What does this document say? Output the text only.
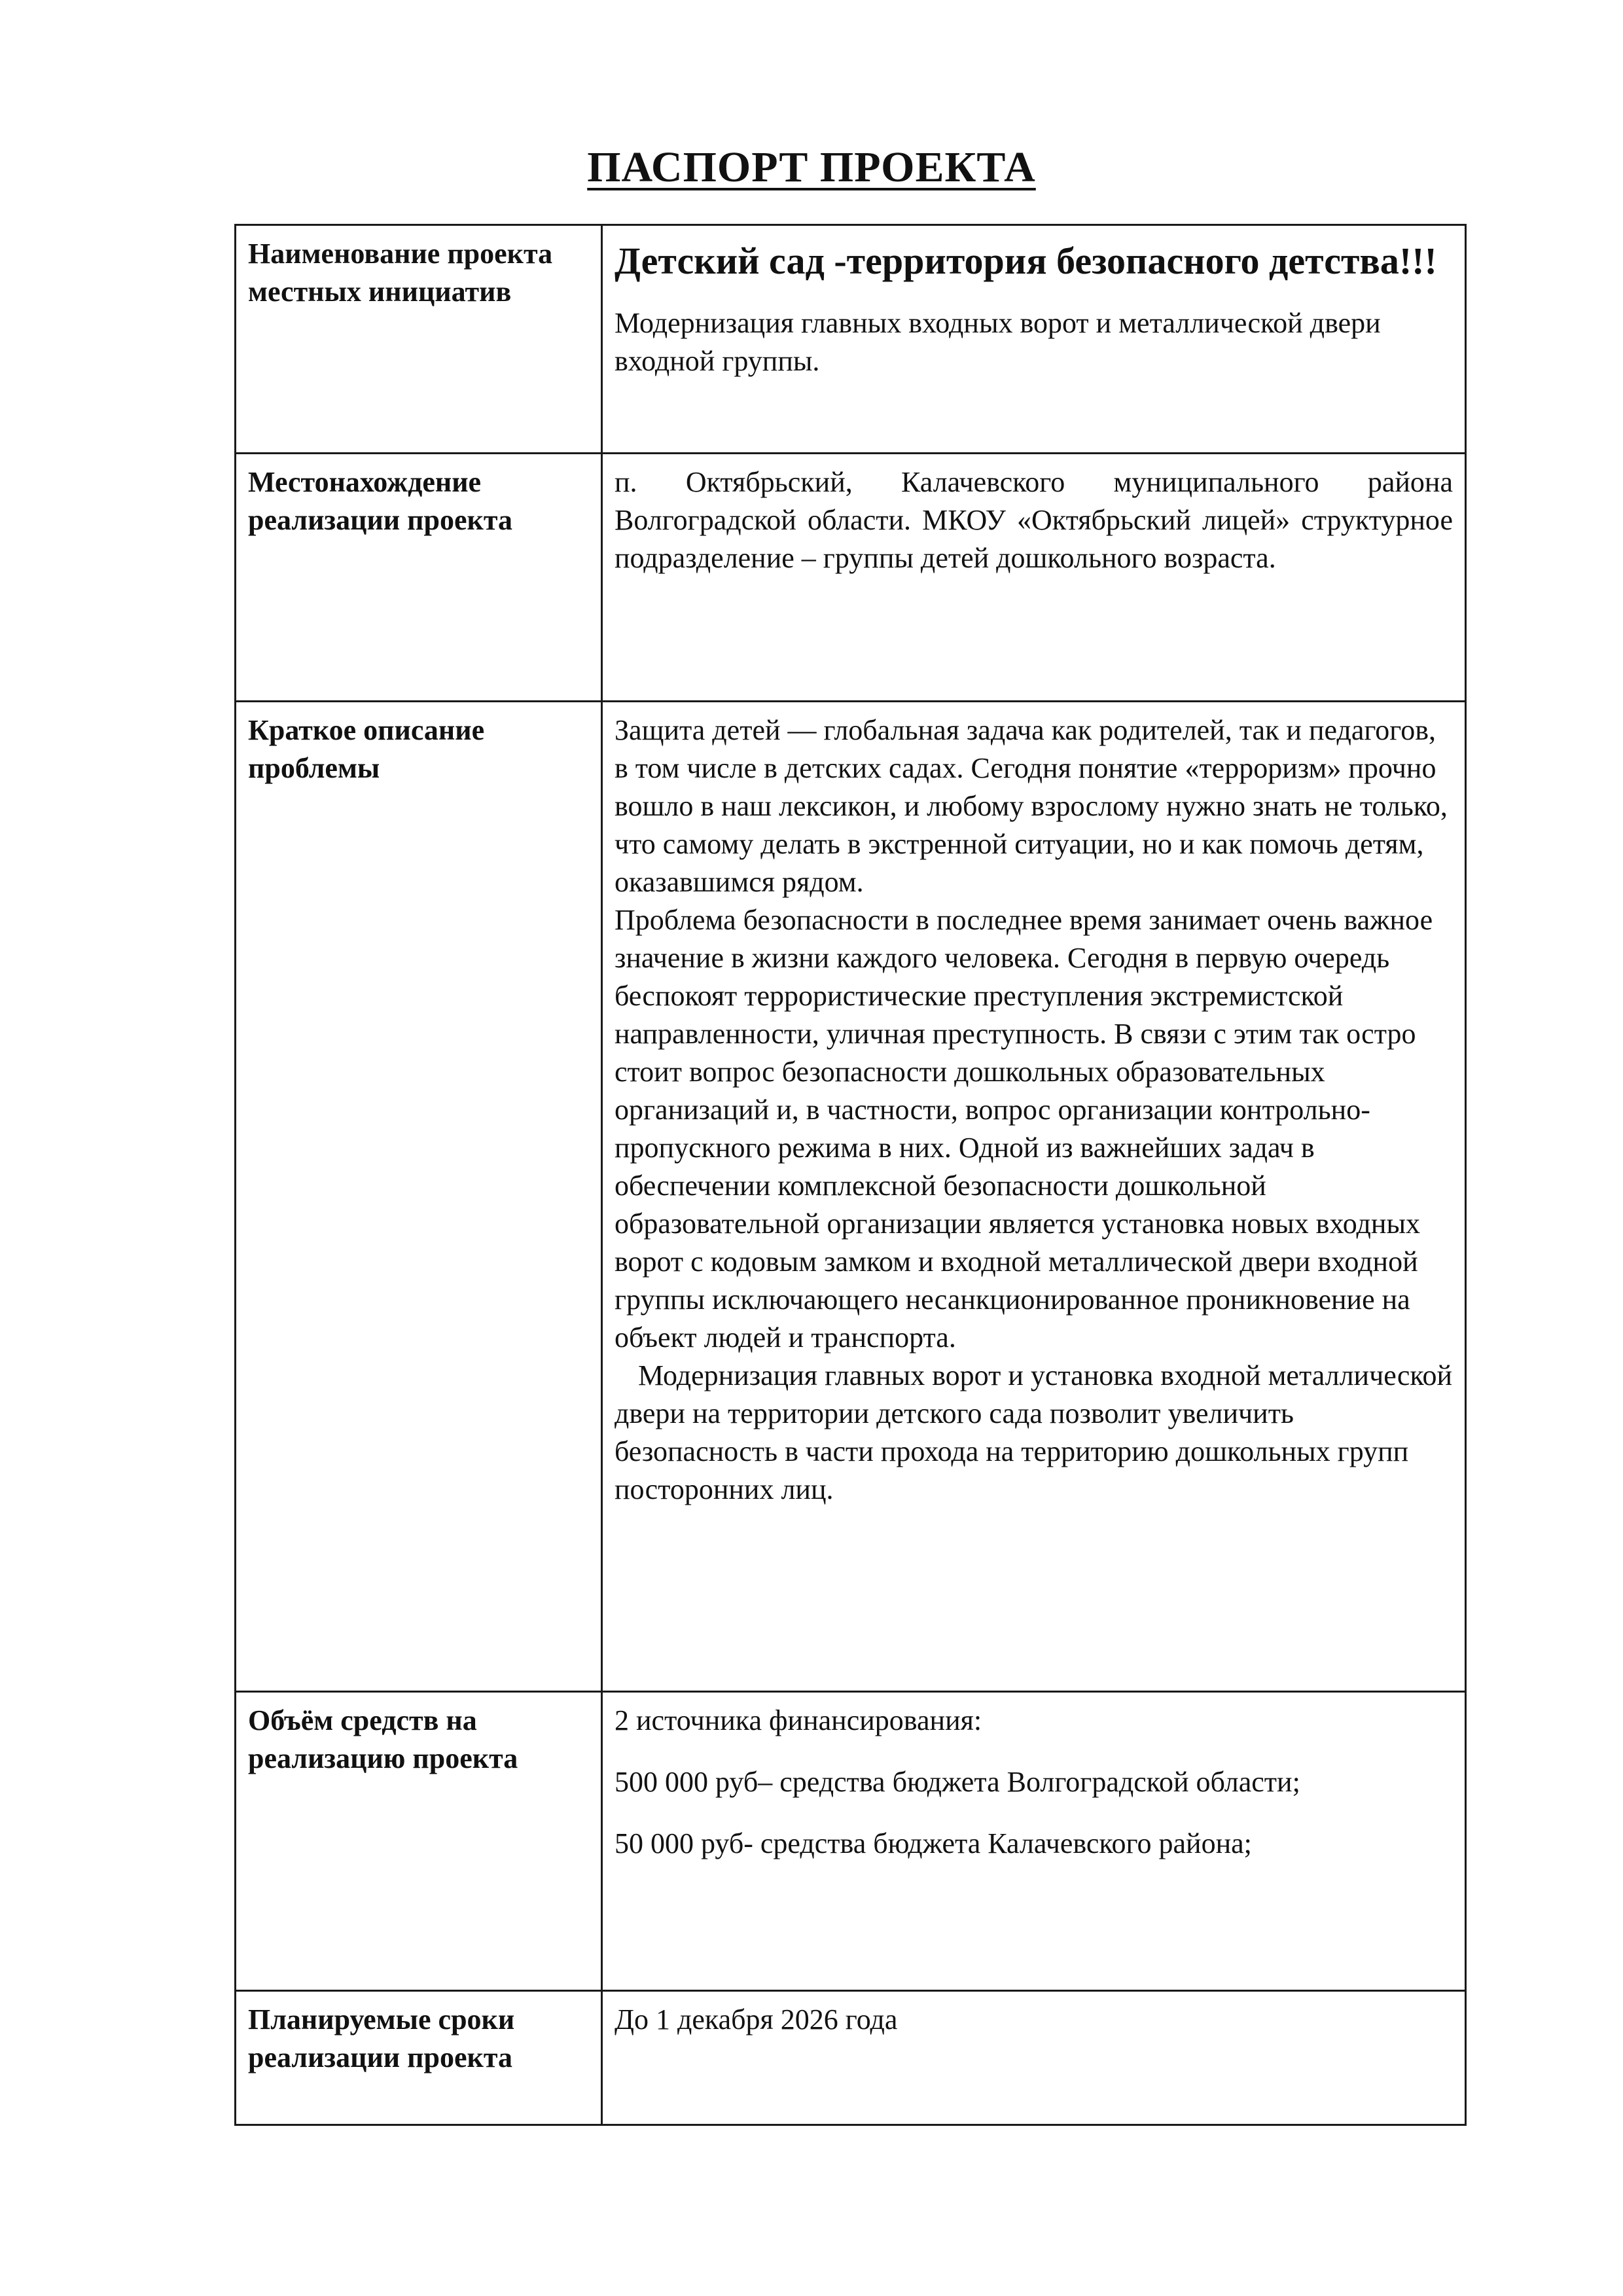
ПАСПОРТ ПРОЕКТА
Наименование проекта местных инициатив	Детский сад -территория безопасного детства!!!
Модернизация главных входных ворот и металлической двери входной группы.

Местонахождение реализации проекта	п. Октябрьский, Калачевского муниципального района Волгоградской области. МКОУ «Октябрьский лицей» структурное подразделение – группы детей дошкольного возраста.

Краткое описание проблемы	Защита детей — глобальная задача как родителей, так и педагогов, в том числе в детских садах. Сегодня понятие «терроризм» прочно вошло в наш лексикон, и любому взрослому нужно знать не только, что самому делать в экстренной ситуации, но и как помочь детям, оказавшимся рядом.

Проблема безопасности в последнее время занимает очень важное значение в жизни каждого человека. Сегодня в первую очередь беспокоят террористические преступления экстремистской направленности, уличная преступность. В связи с этим так остро стоит вопрос безопасности дошкольных образовательных организаций и, в частности, вопрос организации контрольно-пропускного режима в них. Одной из важнейших задач в обеспечении комплексной безопасности дошкольной образовательной организации является установка новых входных ворот с кодовым замком и входной металлической двери входной группы исключающего несанкционированное проникновение на объект людей и транспорта.

Модернизация главных ворот и установка входной металлической двери на территории детского сада позволит увеличить безопасность в части прохода на территорию дошкольных групп посторонних лиц.

Объём средств на реализацию проекта	2 источника финансирования:

500 000 руб– средства бюджета Волгоградской области;

50 000 руб- средства бюджета Калачевского района;

Планируемые сроки реализации проекта	До 1 декабря 2026 года
